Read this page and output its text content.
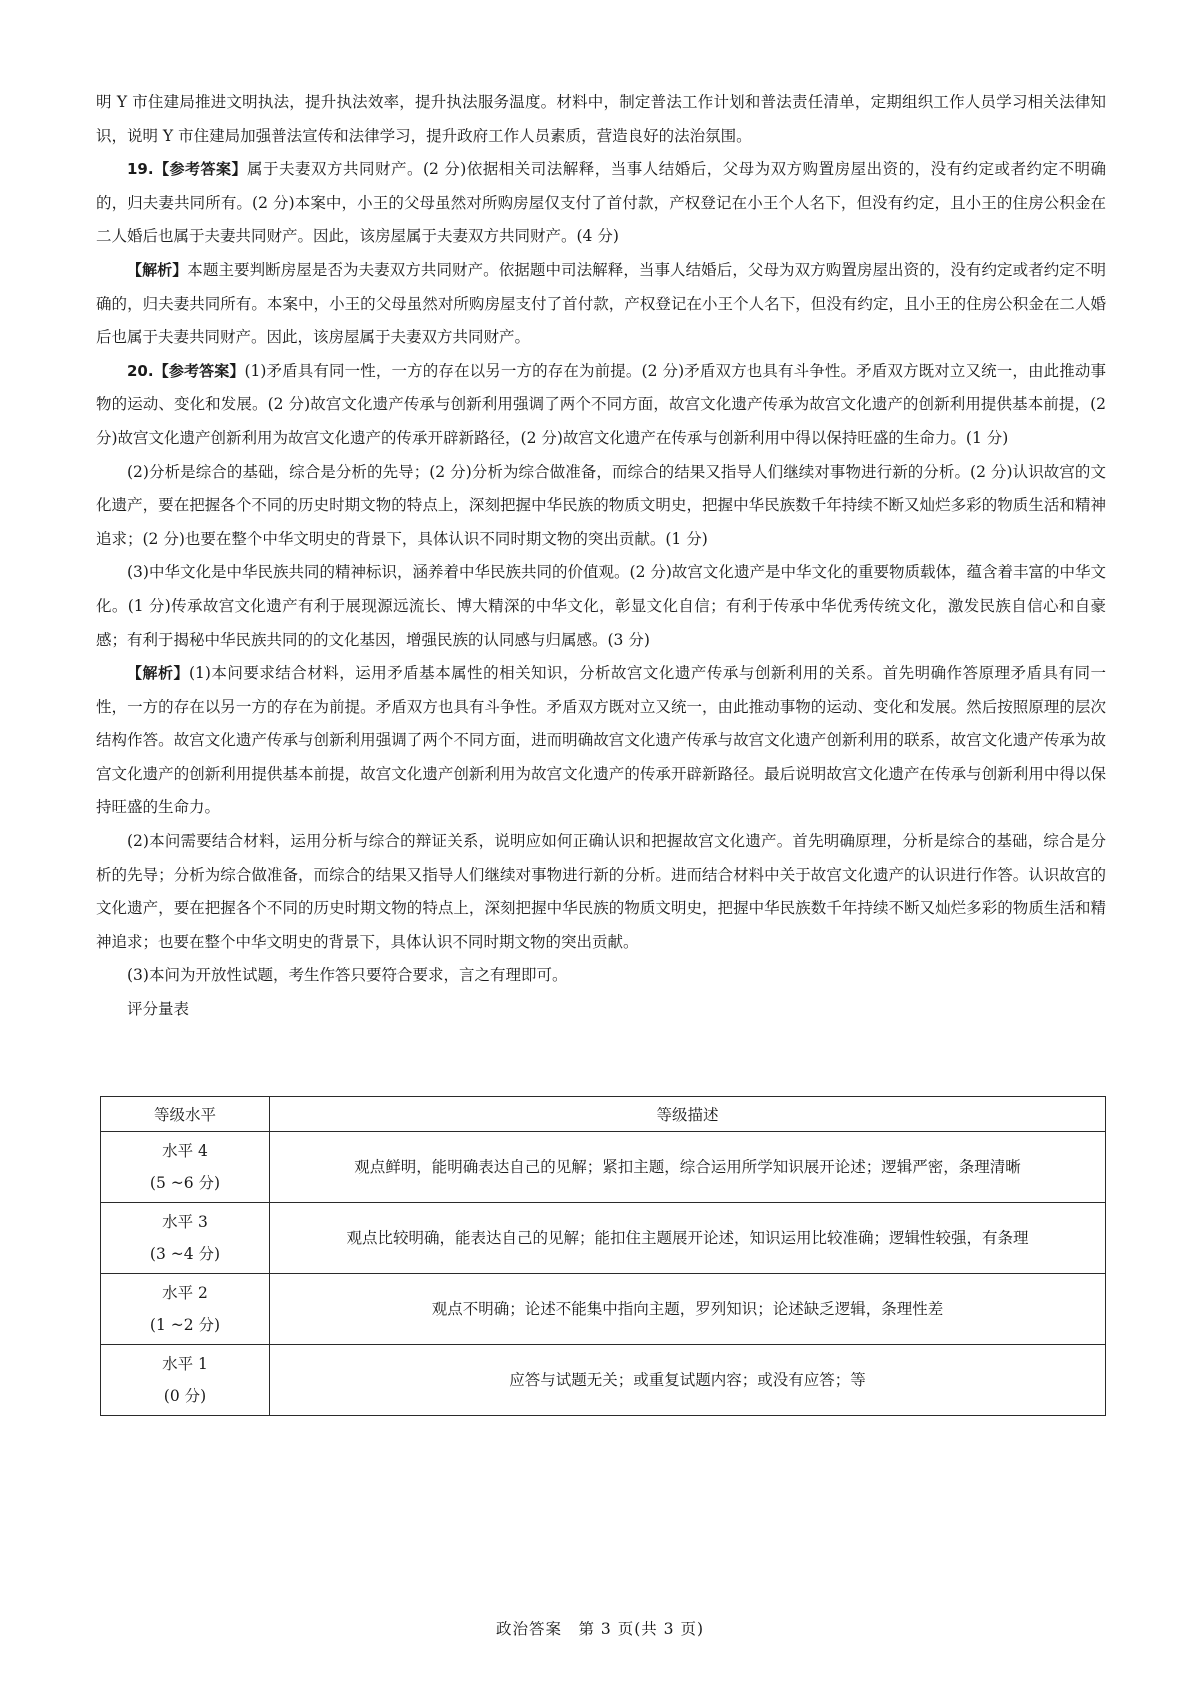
明 Y 市住建局推进文明执法，提升执法效率，提升执法服务温度。材料中，制定普法工作计划和普法责任清单，定期组织工作人员学习相关法律知识，说明 Y 市住建局加强普法宣传和法律学习，提升政府工作人员素质，营造良好的法治氛围。

19.【参考答案】属于夫妻双方共同财产。(2 分)依据相关司法解释，当事人结婚后，父母为双方购置房屋出资的，没有约定或者约定不明确的，归夫妻共同所有。(2 分)本案中，小王的父母虽然对所购房屋仅支付了首付款，产权登记在小王个人名下，但没有约定，且小王的住房公积金在二人婚后也属于夫妻共同财产。因此，该房屋属于夫妻双方共同财产。(4 分)

【解析】本题主要判断房屋是否为夫妻双方共同财产。依据题中司法解释，当事人结婚后，父母为双方购置房屋出资的，没有约定或者约定不明确的，归夫妻共同所有。本案中，小王的父母虽然对所购房屋支付了首付款，产权登记在小王个人名下，但没有约定，且小王的住房公积金在二人婚后也属于夫妻共同财产。因此，该房屋属于夫妻双方共同财产。

20.【参考答案】(1)矛盾具有同一性，一方的存在以另一方的存在为前提。(2 分)矛盾双方也具有斗争性。矛盾双方既对立又统一，由此推动事物的运动、变化和发展。(2 分)故宫文化遗产传承与创新利用强调了两个不同方面，故宫文化遗产传承为故宫文化遗产的创新利用提供基本前提，(2 分)故宫文化遗产创新利用为故宫文化遗产的传承开辟新路径，(2 分)故宫文化遗产在传承与创新利用中得以保持旺盛的生命力。(1 分)

(2)分析是综合的基础，综合是分析的先导；(2 分)分析为综合做准备，而综合的结果又指导人们继续对事物进行新的分析。(2 分)认识故宫的文化遗产，要在把握各个不同的历史时期文物的特点上，深刻把握中华民族的物质文明史，把握中华民族数千年持续不断又灿烂多彩的物质生活和精神追求；(2 分)也要在整个中华文明史的背景下，具体认识不同时期文物的突出贡献。(1 分)

(3)中华文化是中华民族共同的精神标识，涵养着中华民族共同的价值观。(2 分)故宫文化遗产是中华文化的重要物质载体，蕴含着丰富的中华文化。(1 分)传承故宫文化遗产有利于展现源远流长、博大精深的中华文化，彰显文化自信；有利于传承中华优秀传统文化，激发民族自信心和自豪感；有利于揭秘中华民族共同的的文化基因，增强民族的认同感与归属感。(3 分)

【解析】(1)本问要求结合材料，运用矛盾基本属性的相关知识，分析故宫文化遗产传承与创新利用的关系。首先明确作答原理矛盾具有同一性，一方的存在以另一方的存在为前提。矛盾双方也具有斗争性。矛盾双方既对立又统一，由此推动事物的运动、变化和发展。然后按照原理的层次结构作答。故宫文化遗产传承与创新利用强调了两个不同方面，进而明确故宫文化遗产传承与故宫文化遗产创新利用的联系，故宫文化遗产传承为故宫文化遗产的创新利用提供基本前提，故宫文化遗产创新利用为故宫文化遗产的传承开辟新路径。最后说明故宫文化遗产在传承与创新利用中得以保持旺盛的生命力。

(2)本问需要结合材料，运用分析与综合的辩证关系，说明应如何正确认识和把握故宫文化遗产。首先明确原理，分析是综合的基础，综合是分析的先导；分析为综合做准备，而综合的结果又指导人们继续对事物进行新的分析。进而结合材料中关于故宫文化遗产的认识进行作答。认识故宫的文化遗产，要在把握各个不同的历史时期文物的特点上，深刻把握中华民族的物质文明史，把握中华民族数千年持续不断又灿烂多彩的物质生活和精神追求；也要在整个中华文明史的背景下，具体认识不同时期文物的突出贡献。

(3)本问为开放性试题，考生作答只要符合要求，言之有理即可。

评分量表

等级水平	等级描述

水平 4
(5 ~6 分)	观点鲜明，能明确表达自己的见解；紧扣主题，综合运用所学知识展开论述；逻辑严密，条理清晰

水平 3
(3 ~4 分)	观点比较明确，能表达自己的见解；能扣住主题展开论述，知识运用比较准确；逻辑性较强，有条理

水平 2
(1 ~2 分)	观点不明确；论述不能集中指向主题，罗列知识；论述缺乏逻辑，条理性差

水平 1
(0 分)	应答与试题无关；或重复试题内容；或没有应答；等
政治答案　第 3 页(共 3 页)
